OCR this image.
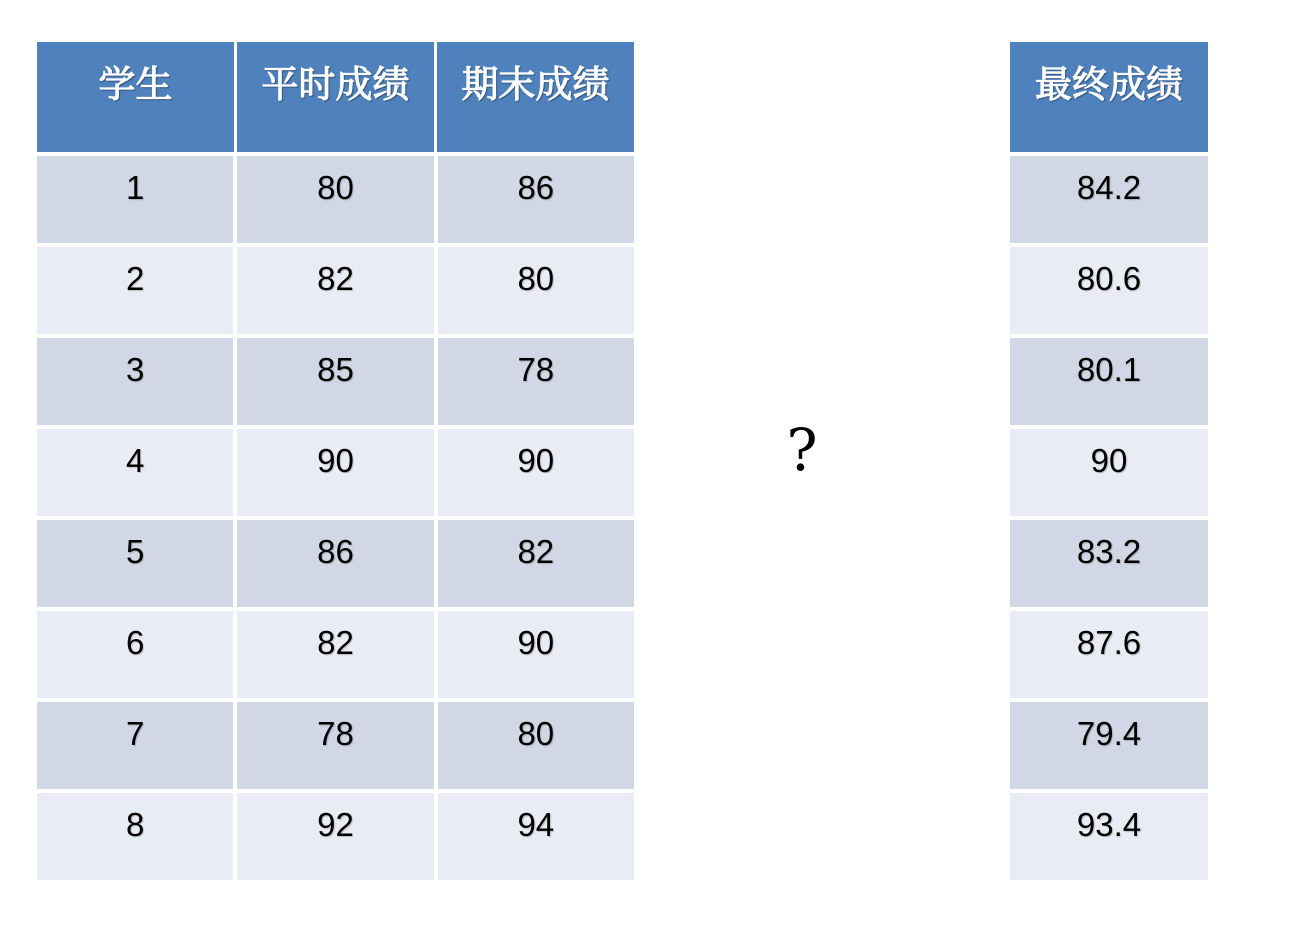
学生	平时成绩	期末成绩
1	80	86
2	82	80
3	85	78
4	90	90
5	86	82
6	82	90
7	78	80
8	92	94
?
最终成绩
84.2
80.6
80.1
90
83.2
87.6
79.4
93.4
